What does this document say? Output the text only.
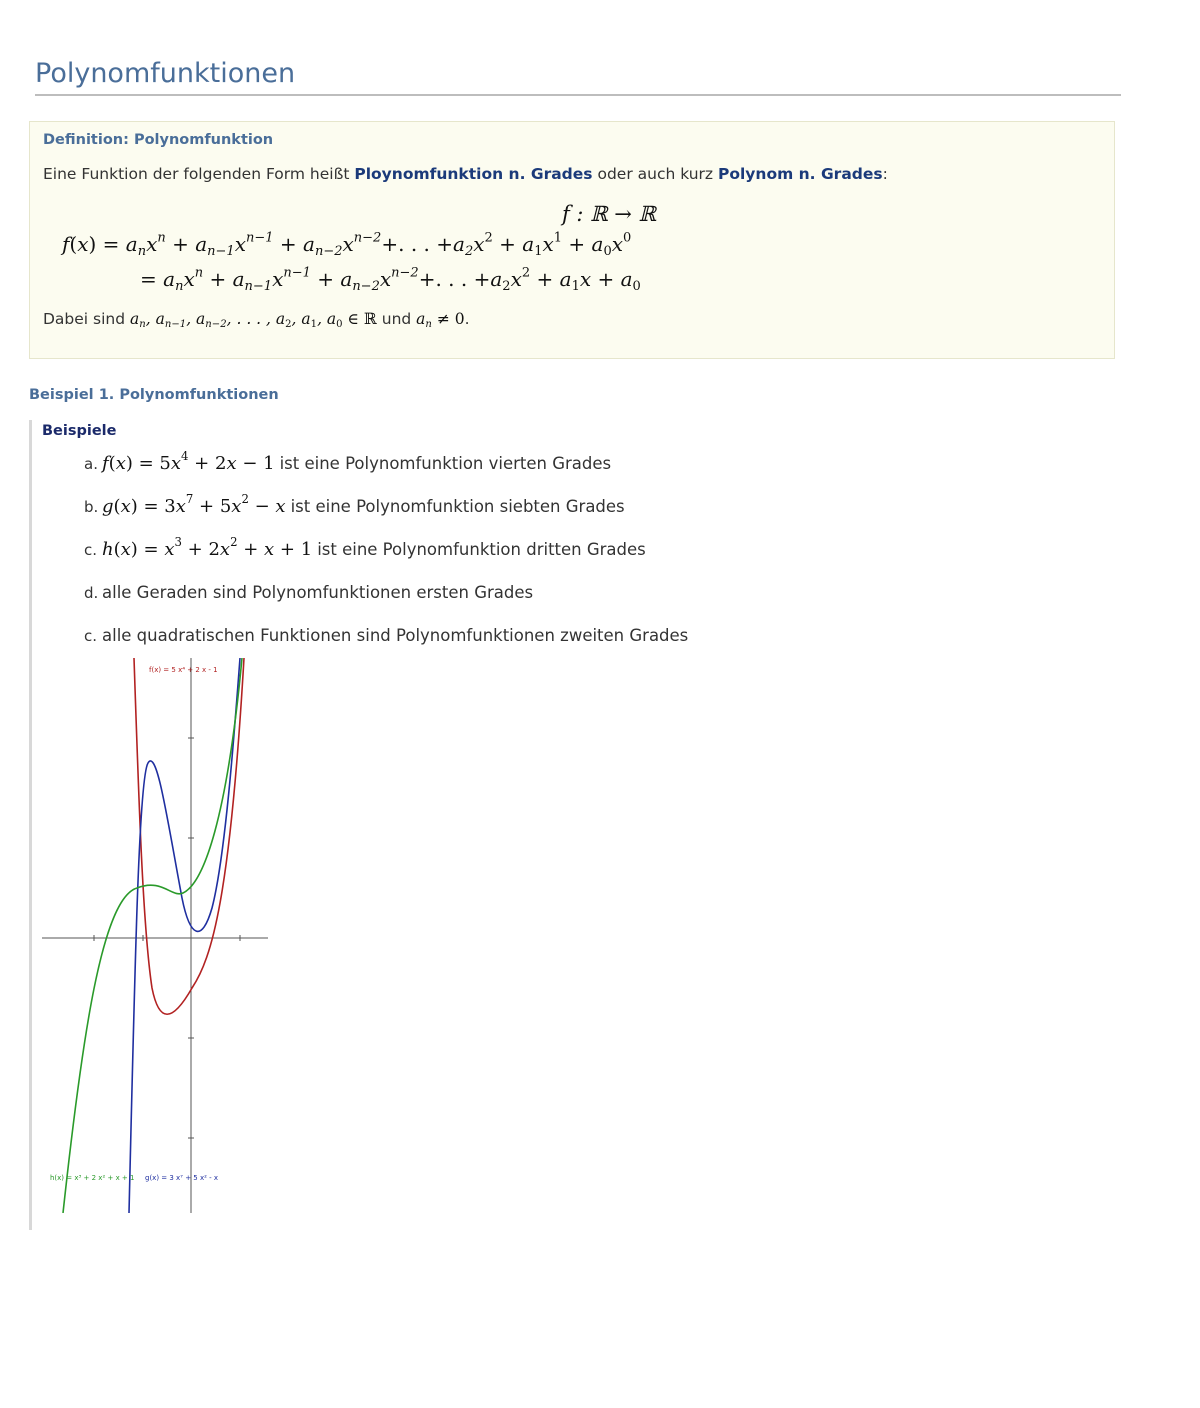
Polynomfunktionen
Definition: Polynomfunktion
Eine Funktion der folgenden Form heißt Ploynomfunktion n. Grades oder auch kurz Polynom n. Grades:
f : ℝ → ℝ
$f(x) = a_nx^n + a_{n-1}x^{n-1} + a_{n-2}x^{n-2}+$. . . $+a_2x^2 + a_1x^1 + a_0x^0$
= $a_nx^n + a_{n-1}x^{n-1} + a_{n-2}x^{n-2}+$. . . $+a_2x^2 + a_1x + a_0$
Dabei sind $a_n$, $a_{n-1}$, $a_{n-2}$, . . . , $a_2$, $a_1$, $a_0$ ∈ ℝ und $a_n \ne 0$.
Beispiel 1. Polynomfunktionen
Beispiele
a. $f(x) = 5x^4 + 2x - 1$ ist eine Polynomfunktion vierten Grades
b. $g(x) = 3x^7 + 5x^2 - x$ ist eine Polynomfunktion siebten Grades
c. $h(x) = x^3 + 2x^2 + x + 1$ ist eine Polynomfunktion dritten Grades
d. alle Geraden sind Polynomfunktionen ersten Grades
c. alle quadratischen Funktionen sind Polynomfunktionen zweiten Grades
f(x) = 5 x⁴ + 2 x - 1
h(x) = x³ + 2 x² + x + 1 g(x) = 3 x⁷ + 5 x² - x
